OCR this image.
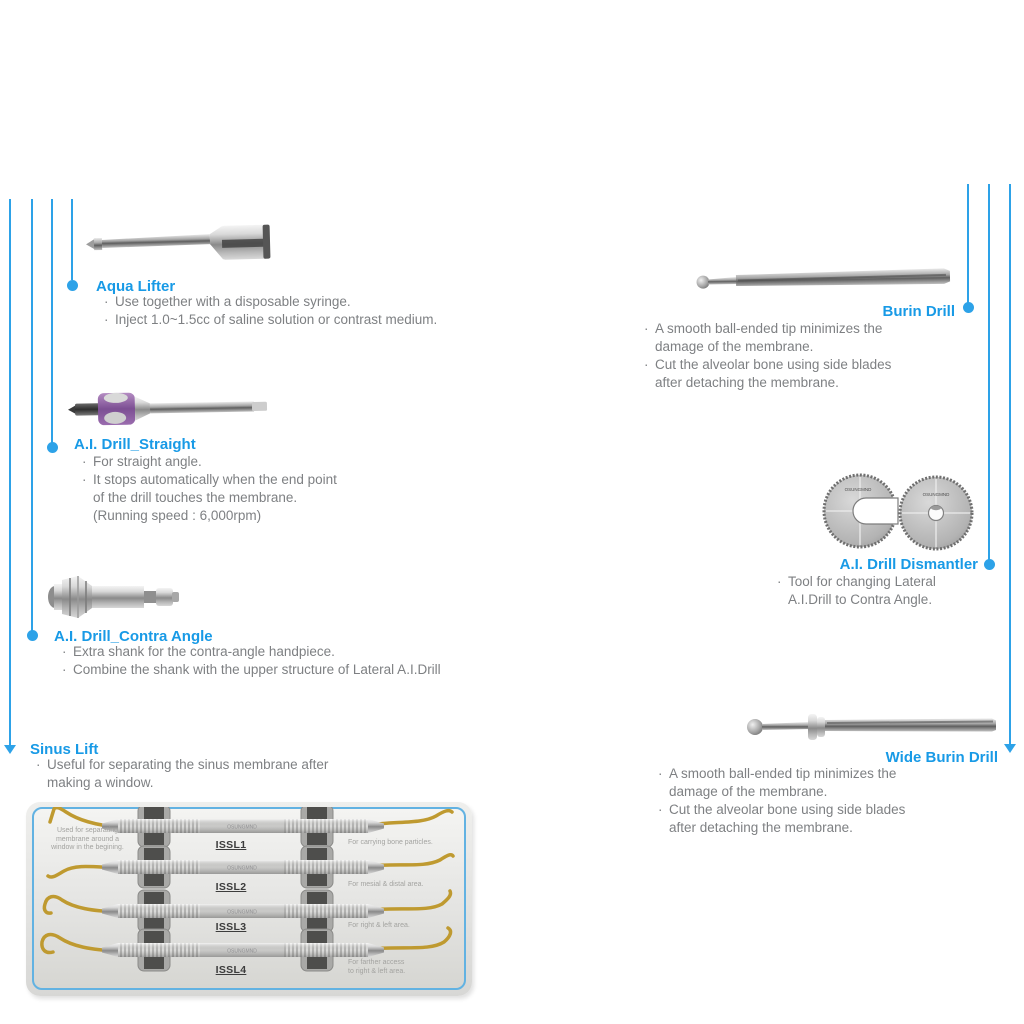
Aqua Lifter
· Use together with a disposable syringe.
· Inject 1.0~1.5cc of saline solution or contrast medium.
A.I. Drill_Straight
· For straight angle.
· It stops automatically when the end point
of the drill touches the membrane.
(Running speed : 6,000rpm)
A.I. Drill_Contra Angle
· Extra shank for the contra-angle handpiece.
· Combine the shank with the upper structure of Lateral A.I.Drill
Sinus Lift
· Useful for separating the sinus membrane after
making a window.
Burin Drill
· A smooth ball-ended tip minimizes the
damage of the membrane.
· Cut the alveolar bone using side blades
after detaching the membrane.
OSUNGMND
OSUNGMND
A.I. Drill Dismantler
· Tool for changing Lateral
A.I.Drill to Contra Angle.
Wide Burin Drill
· A smooth ball-ended tip minimizes the
damage of the membrane.
· Cut the alveolar bone using side blades
after detaching the membrane.
OSUNGMND
OSUNGMND
OSUNGMND
OSUNGMND
ISSL1
ISSL2
ISSL3
ISSL4
Used for separating
membrane around a
window in the begining.
For carrying bone particles.
For mesial & distal area.
For right & left area.
For farther access
to right & left area.
